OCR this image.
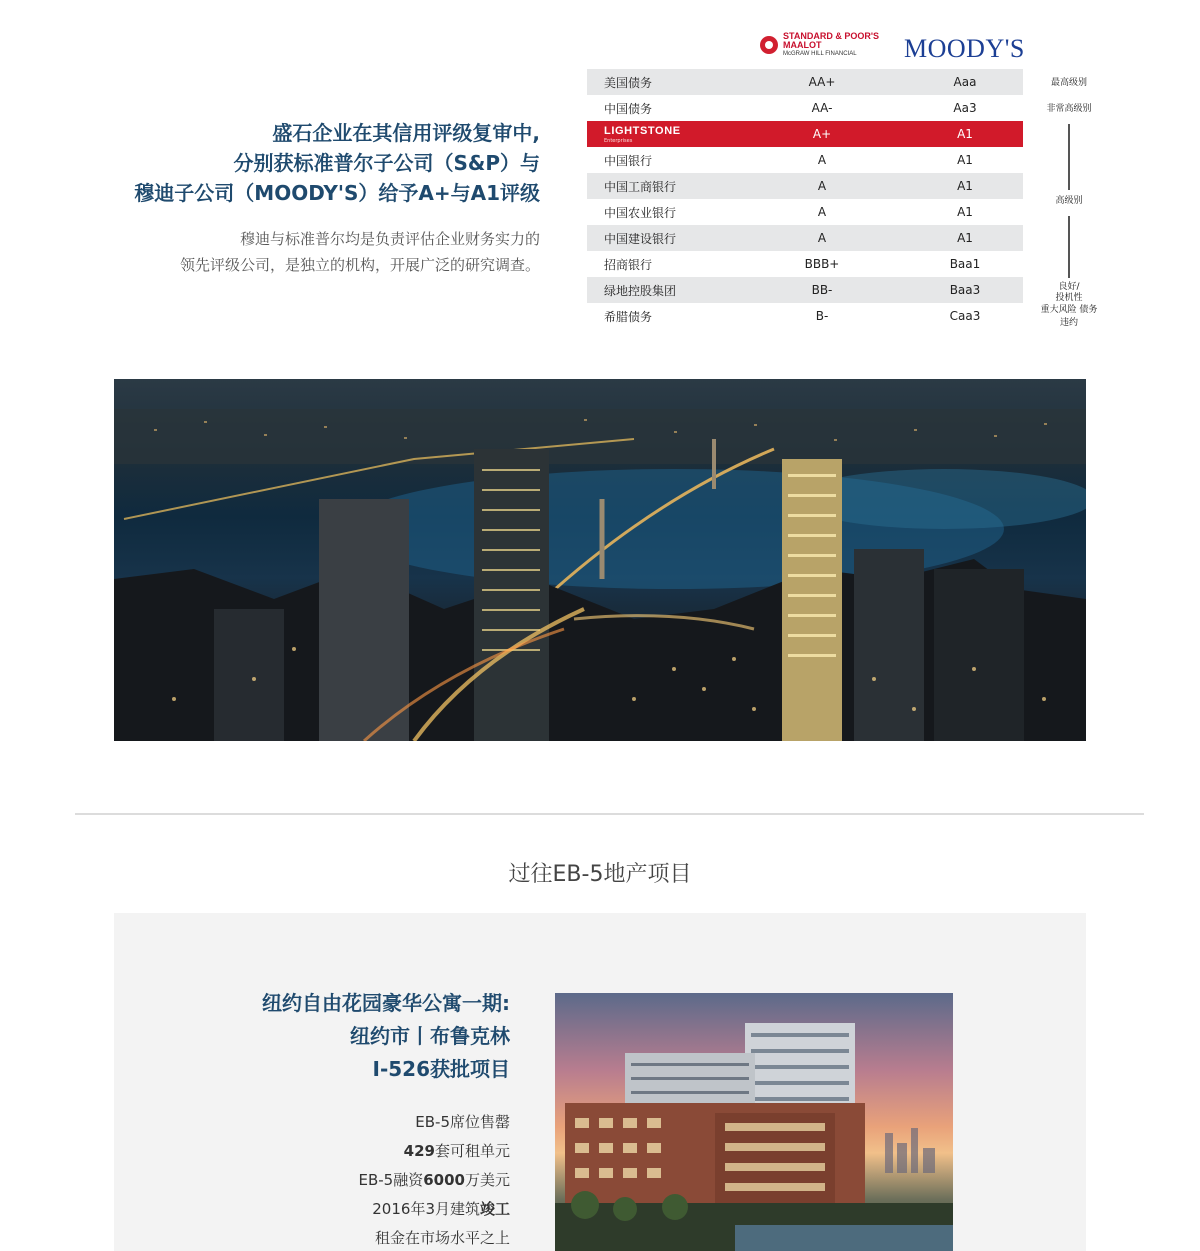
盛石企业在其信用评级复审中,
分别获标准普尔子公司（S&P）与
穆迪子公司（MOODY'S）给予A+与A1评级
穆迪与标准普尔均是负责评估企业财务实力的
领先评级公司，是独立的机构，开展广泛的研究调查。
STANDARD & POOR'S
MAALOT
McGRAW HILL FINANCIAL	MOODY'S
美国债务	AA+	Aaa
中国债务	AA-	Aa3

LIGHTSTONE
Enterprises	A+	A1
中国银行	A	A1
中国工商银行	A	A1
中国农业银行	A	A1
中国建设银行	A	A1
招商银行	BBB+	Baa1
绿地控股集团	BB-	Baa3
希腊债务	B-	Caa3
最高级别
非常高级别
高级别
良好/
投机性
重大风险 债务
违约
过往EB-5地产项目
纽约自由花园豪华公寓一期:
纽约市丨布鲁克林
I-526获批项目
EB-5席位售罄
429套可租单元
EB-5融资6000万美元
2016年3月建筑竣工
租金在市场水平之上
